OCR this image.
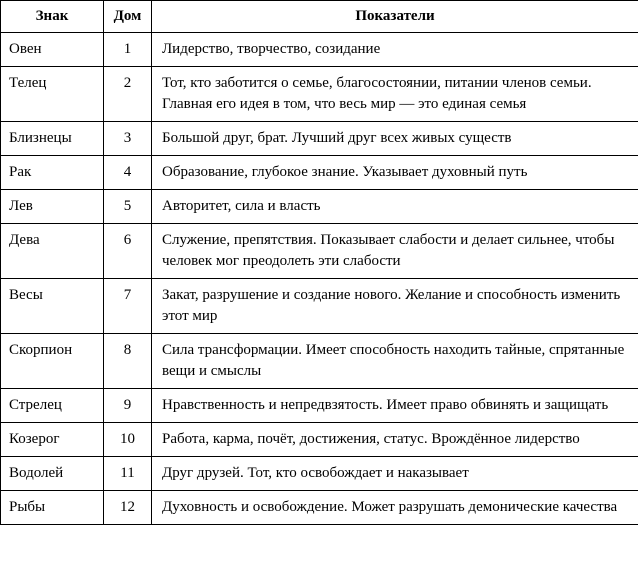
Знак	Дом	Показатели
Овен	1	Лидерство, творчество, созидание
Телец	2	Тот, кто заботится о семье, благосостоянии, питании членов семьи. Главная его идея в том, что весь мир — это единая семья
Близнецы	3	Большой друг, брат. Лучший друг всех живых существ
Рак	4	Образование, глубокое знание. Указывает духовный путь
Лев	5	Авторитет, сила и власть
Дева	6	Служение, препятствия. Показывает слабости и делает сильнее, чтобы человек мог преодолеть эти слабости
Весы	7	Закат, разрушение и создание нового. Желание и способность изменить этот мир
Скорпион	8	Сила трансформации. Имеет способность находить тайные, спрятанные вещи и смыслы
Стрелец	9	Нравственность и непредвзятость. Имеет право обвинять и защищать
Козерог	10	Работа, карма, почёт, достижения, статус. Врождённое лидерство
Водолей	11	Друг друзей. Тот, кто освобождает и наказывает
Рыбы	12	Духовность и освобождение. Может разрушать демонические качества
